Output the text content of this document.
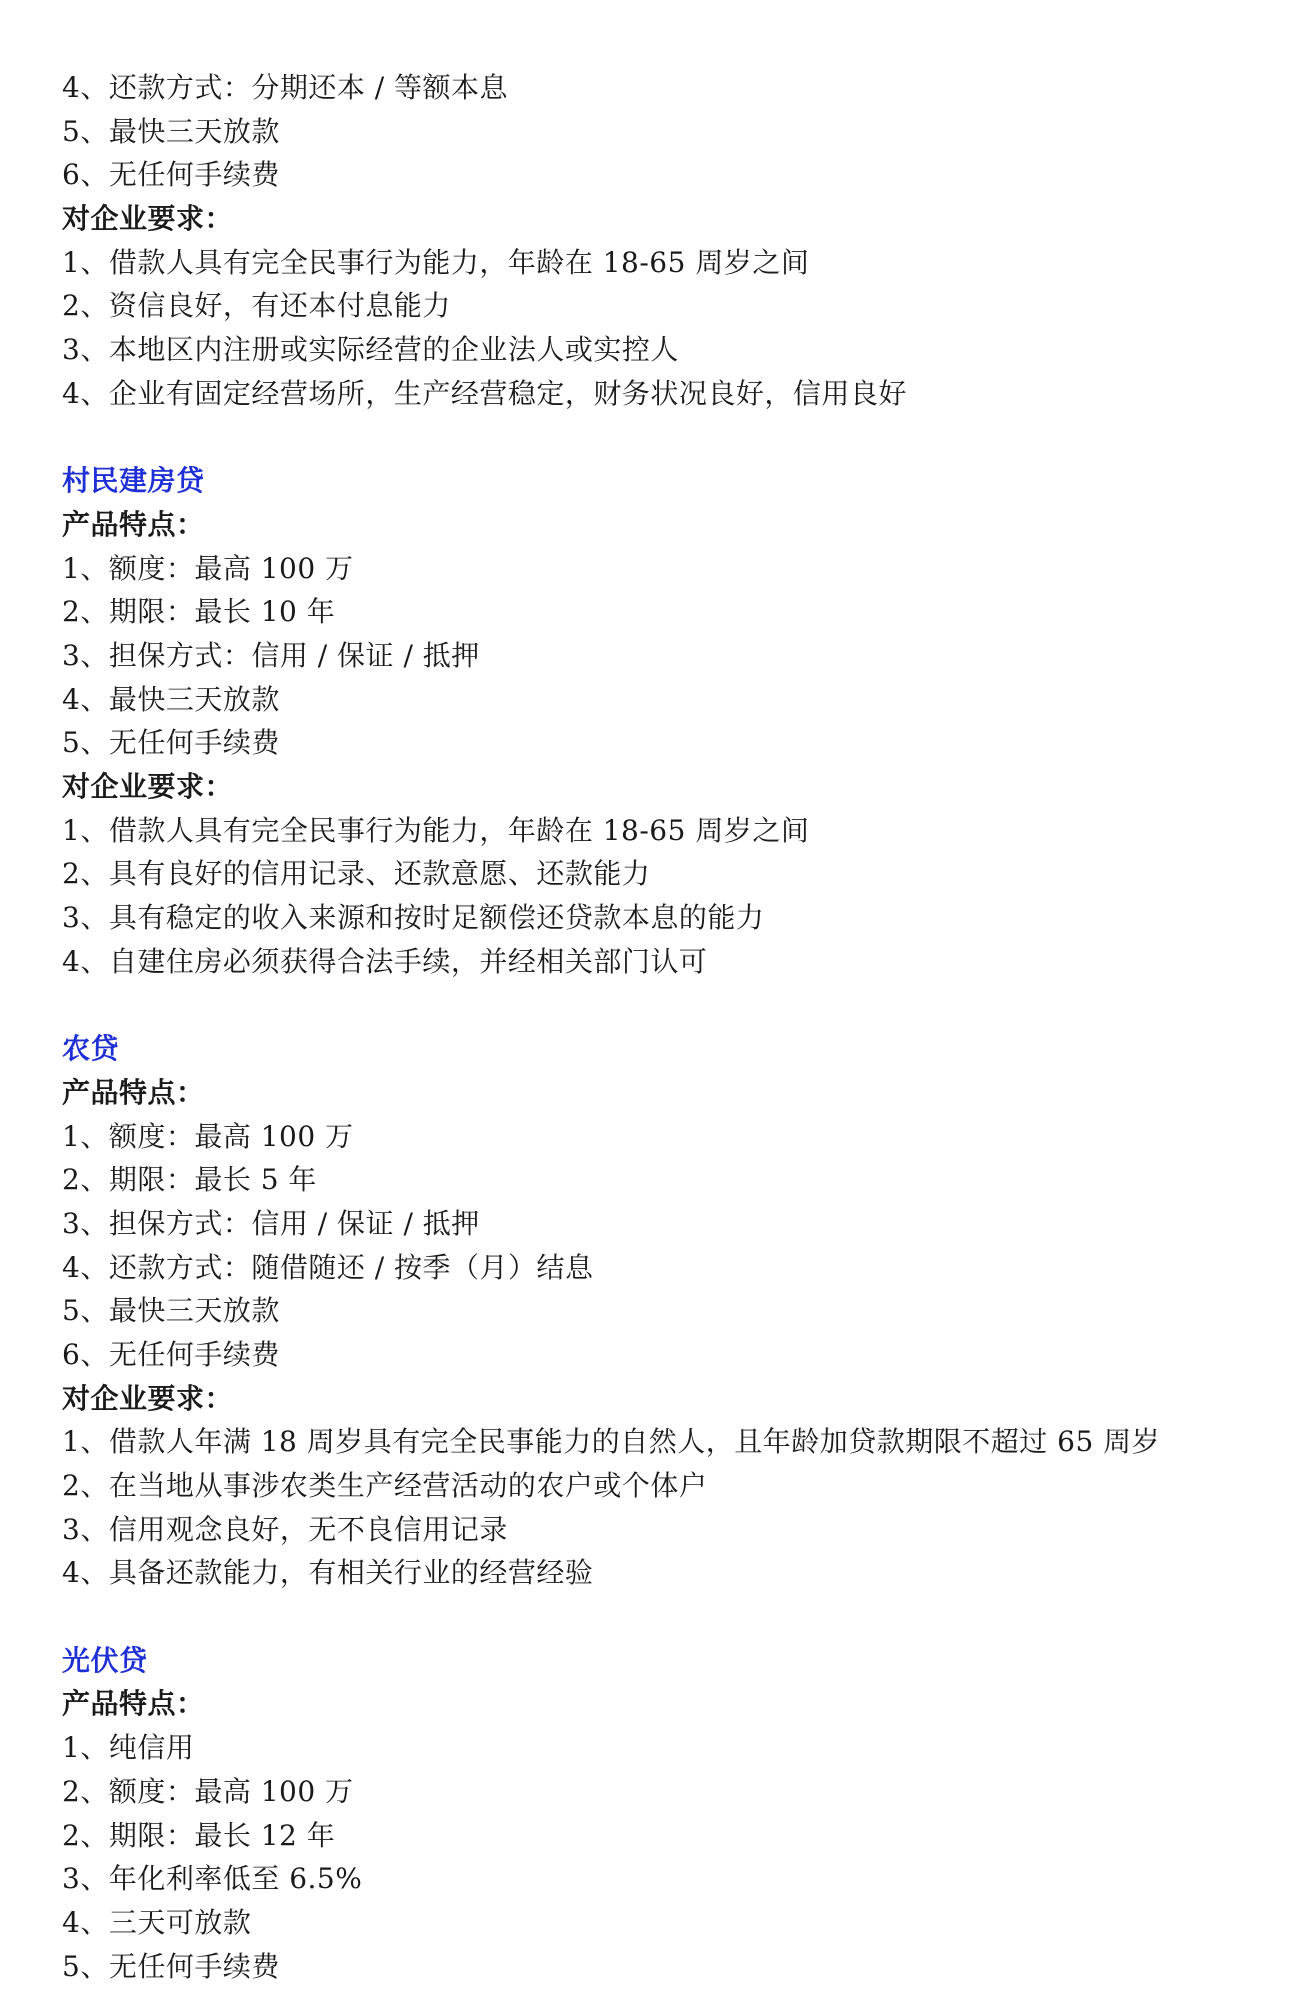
4、还款方式：分期还本 / 等额本息
5、最快三天放款
6、无任何手续费
对企业要求：
1、借款人具有完全民事行为能力，年龄在 18-65 周岁之间
2、资信良好，有还本付息能力
3、本地区内注册或实际经营的企业法人或实控人
4、企业有固定经营场所，生产经营稳定，财务状况良好，信用良好
村民建房贷
产品特点：
1、额度：最高 100 万
2、期限：最长 10 年
3、担保方式：信用 / 保证 / 抵押
4、最快三天放款
5、无任何手续费
对企业要求：
1、借款人具有完全民事行为能力，年龄在 18-65 周岁之间
2、具有良好的信用记录、还款意愿、还款能力
3、具有稳定的收入来源和按时足额偿还贷款本息的能力
4、自建住房必须获得合法手续，并经相关部门认可
农贷
产品特点：
1、额度：最高 100 万
2、期限：最长 5 年
3、担保方式：信用 / 保证 / 抵押
4、还款方式：随借随还 / 按季（月）结息
5、最快三天放款
6、无任何手续费
对企业要求：
1、借款人年满 18 周岁具有完全民事能力的自然人，且年龄加贷款期限不超过 65 周岁
2、在当地从事涉农类生产经营活动的农户或个体户
3、信用观念良好，无不良信用记录
4、具备还款能力，有相关行业的经营经验
光伏贷
产品特点：
1、纯信用
2、额度：最高 100 万
2、期限：最长 12 年
3、年化利率低至 6.5%
4、三天可放款
5、无任何手续费
